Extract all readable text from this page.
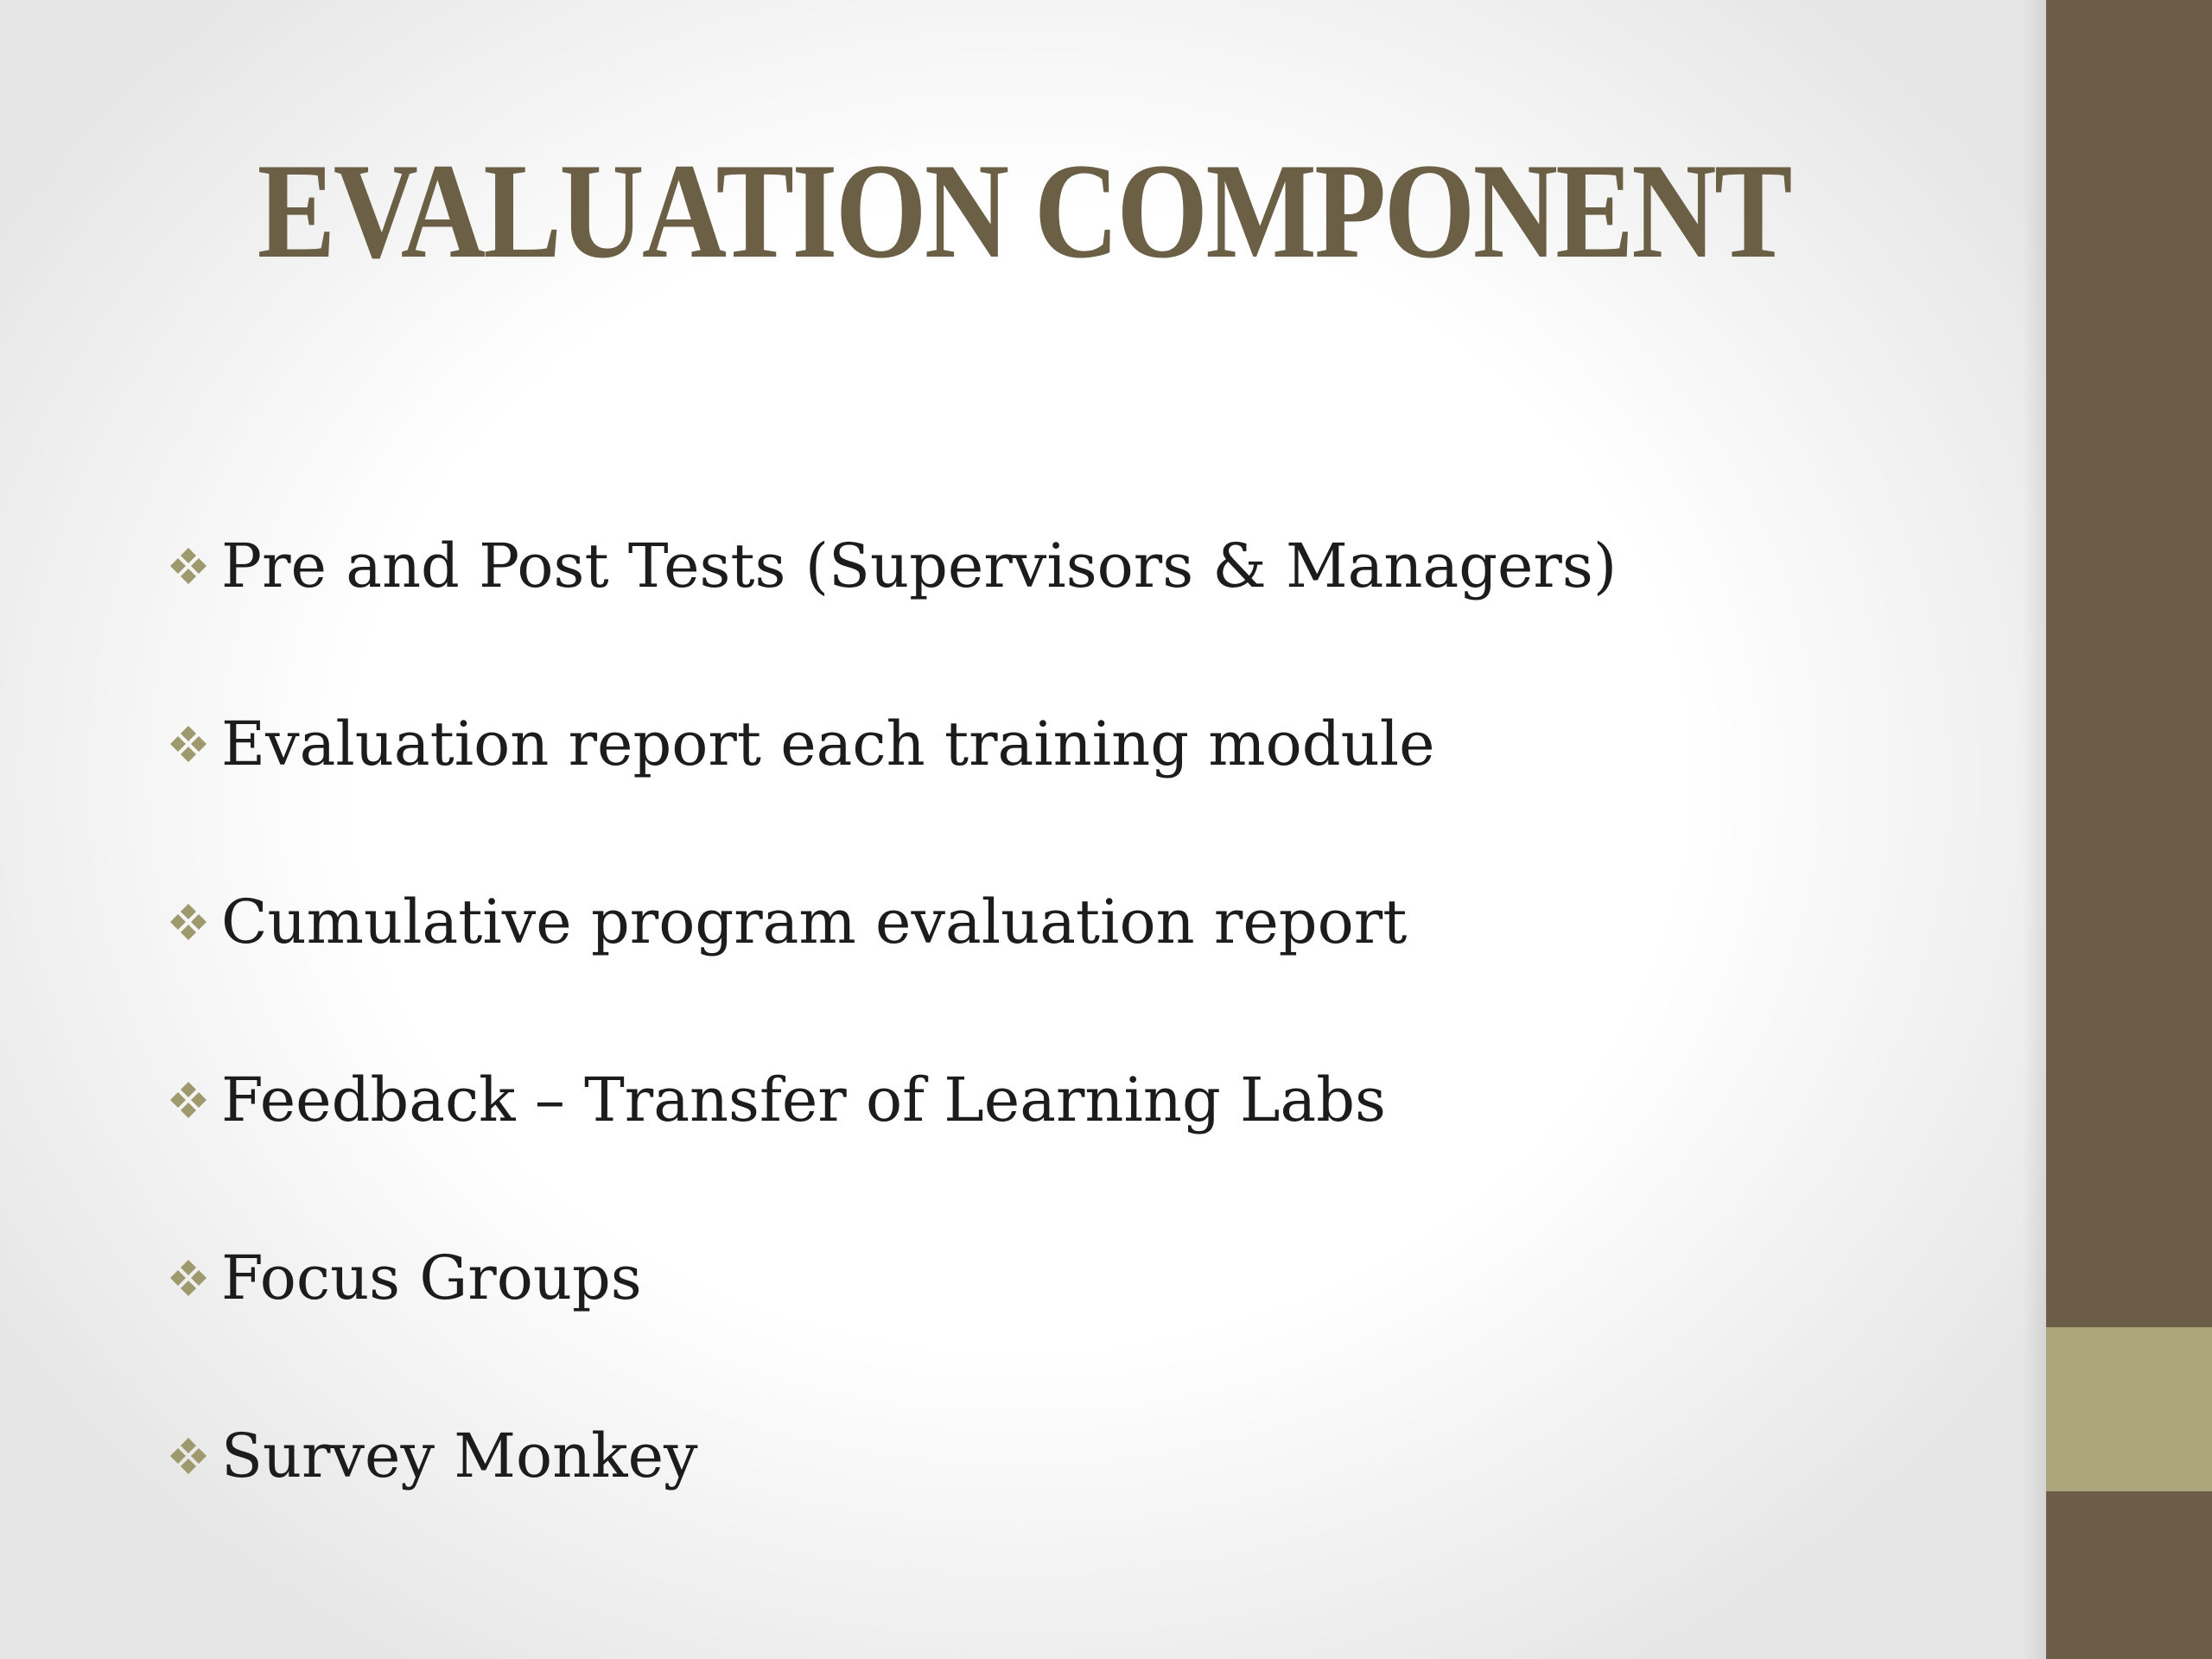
EVALUATION COMPONENT
Pre and Post Tests (Supervisors & Managers)
Evaluation report each training module
Cumulative program evaluation report
Feedback – Transfer of Learning Labs
Focus Groups
Survey Monkey
